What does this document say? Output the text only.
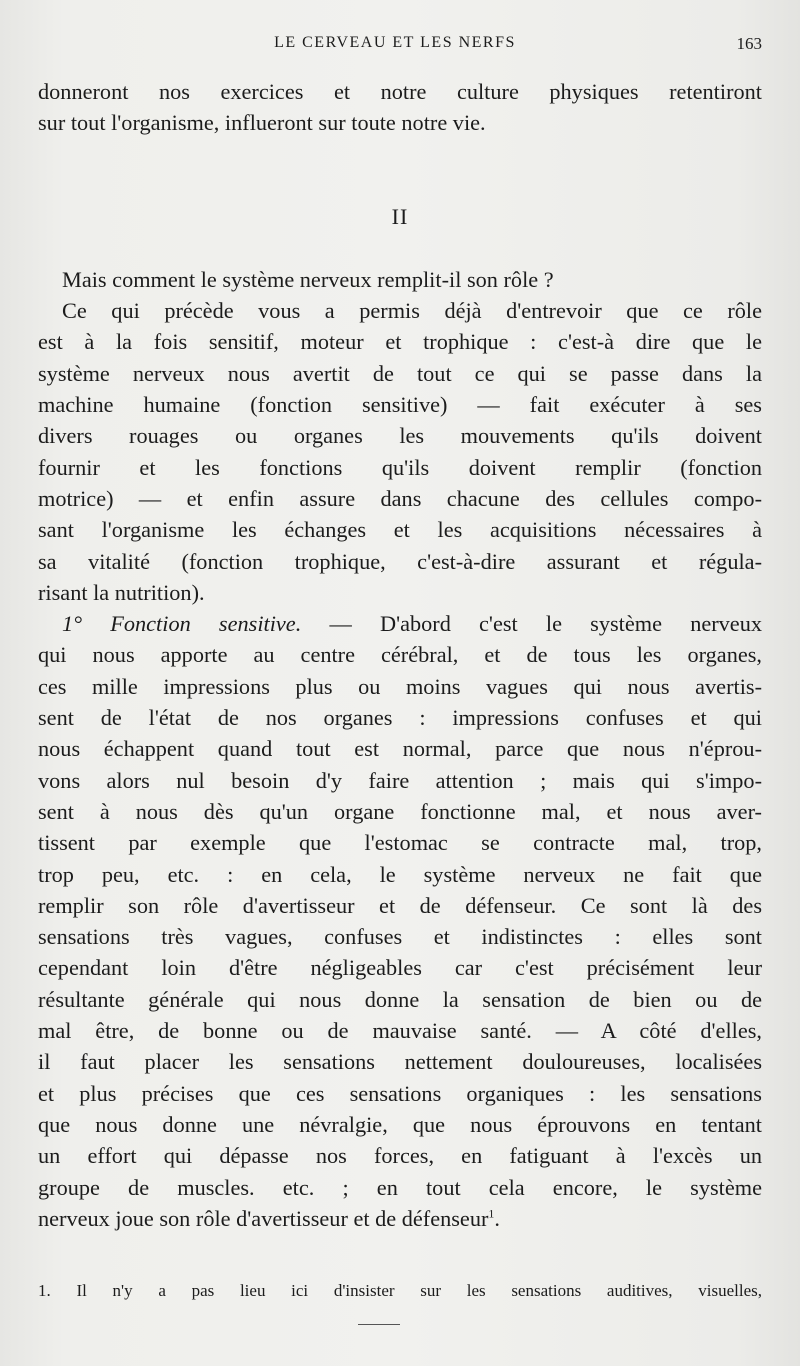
LE CERVEAU ET LES NERFS	163
donneront nos exercices et notre culture physiques retentiront
sur tout l'organisme, influeront sur toute notre vie.
II
Mais comment le système nerveux remplit-il son rôle ?
Ce qui précède vous a permis déjà d'entrevoir que ce rôle
est à la fois sensitif, moteur et trophique : c'est-à dire que le
système nerveux nous avertit de tout ce qui se passe dans la
machine humaine (fonction sensitive) — fait exécuter à ses
divers rouages ou organes les mouvements qu'ils doivent
fournir et les fonctions qu'ils doivent remplir (fonction
motrice) — et enfin assure dans chacune des cellules compo-
sant l'organisme les échanges et les acquisitions nécessaires à
sa vitalité (fonction trophique, c'est-à-dire assurant et régula-
risant la nutrition).
1° Fonction sensitive. — D'abord c'est le système nerveux
qui nous apporte au centre cérébral, et de tous les organes,
ces mille impressions plus ou moins vagues qui nous avertis-
sent de l'état de nos organes : impressions confuses et qui
nous échappent quand tout est normal, parce que nous n'éprou-
vons alors nul besoin d'y faire attention ; mais qui s'impo-
sent à nous dès qu'un organe fonctionne mal, et nous aver-
tissent par exemple que l'estomac se contracte mal, trop,
trop peu, etc. : en cela, le système nerveux ne fait que
remplir son rôle d'avertisseur et de défenseur. Ce sont là des
sensations très vagues, confuses et indistinctes : elles sont
cependant loin d'être négligeables car c'est précisément leur
résultante générale qui nous donne la sensation de bien ou de
mal être, de bonne ou de mauvaise santé. — A côté d'elles,
il faut placer les sensations nettement douloureuses, localisées
et plus précises que ces sensations organiques : les sensations
que nous donne une névralgie, que nous éprouvons en tentant
un effort qui dépasse nos forces, en fatiguant à l'excès un
groupe de muscles. etc. ; en tout cela encore, le système
nerveux joue son rôle d'avertisseur et de défenseur$^1$.
1. Il n'y a pas lieu ici d'insister sur les sensations auditives, visuelles,
